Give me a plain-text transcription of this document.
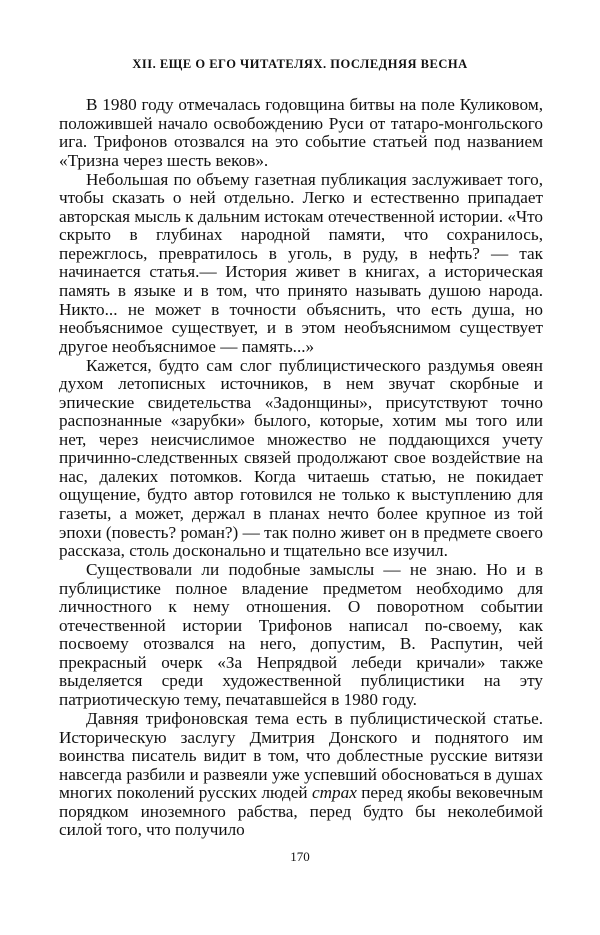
XII. ЕЩЕ О ЕГО ЧИТАТЕЛЯХ. ПОСЛЕДНЯЯ ВЕСНА

В 1980 году отмечалась годовщина битвы на поле Куликовом, положившей начало освобождению Руси от татаро-монгольского ига. Трифонов отозвался на это событие статьей под названием «Тризна через шесть веков».

Небольшая по объему газетная публикация заслуживает того, чтобы сказать о ней отдельно. Легко и естественно припадает авторская мысль к дальним истокам отечественной истории. «Что скрыто в глубинах народной памяти, что сохранилось, пережглось, превратилось в уголь, в руду, в нефть? — так начинается статья.— История живет в книгах, а историческая память в языке и в том, что принято называть душою народа. Никто... не может в точности объяснить, что есть душа, но необъяснимое существует, и в этом необъяснимом существует другое необъяснимое — память...»

Кажется, будто сам слог публицистического раздумья овеян духом летописных источников, в нем звучат скорбные и эпические свидетельства «Задонщины», присутствуют точно распознанные «зарубки» былого, которые, хотим мы того или нет, через неисчислимое множество не поддающихся учету причинно-следственных связей продолжают свое воздействие на нас, далеких потомков. Когда читаешь статью, не покидает ощущение, будто автор готовился не только к выступлению для газеты, а может, держал в планах нечто более крупное из той эпохи (повесть? роман?) — так полно живет он в предмете своего рассказа, столь досконально и тщательно все изучил.

Существовали ли подобные замыслы — не знаю. Но и в публицистике полное владение предметом необходимо для личностного к нему отношения. О поворотном событии отечественной истории Трифонов написал по-своему, как посвоему отозвался на него, допустим, В. Распутин, чей прекрасный очерк «За Непрядвой лебеди кричали» также выделяется среди художественной публицистики на эту патриотическую тему, печатавшейся в 1980 году.

Давняя трифоновская тема есть в публицистической статье. Историческую заслугу Дмитрия Донского и поднятого им воинства писатель видит в том, что доблестные русские витязи навсегда разбили и развеяли уже успевший обосноваться в душах многих поколений русских людей страх перед якобы вековечным порядком иноземного рабства, перед будто бы неколебимой силой того, что получило

170
